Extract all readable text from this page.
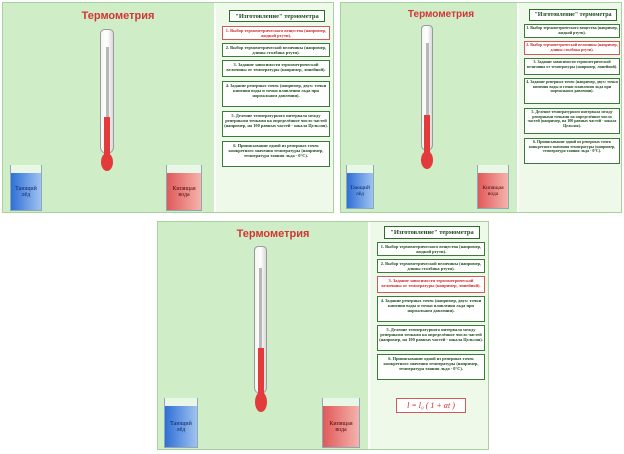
Термометрия
Тающий лёд
Кипящая вода
"Изготовление" термометра
1. Выбор термометрического вещества (например, жидкой ртути).
2. Выбор термометрической величины (например, длины столбика ртути).
3. Задание зависимости термометрической величины от температуры (например, линейной).
4. Задание реперных точек (например, двух: точки кипения воды и точки плавления льда при нормальном давлении).
5. Деление температурного интервала между реперными точками на определённое число частей (например, на 100 равных частей - шкала Цельсия).
6. Приписывание одной из реперных точек конкретного значения температуры (например, температура таяния льда - 0°С).
Термометрия
Тающий лёд
Кипящая вода
"Изготовление" термометра
1. Выбор термометрического вещества (например, жидкой ртути).
2. Выбор термометрической величины (например, длины столбика ртути).
3. Задание зависимости термометрической величины от температуры (например, линейной).
4. Задание реперных точек (например, двух: точки кипения воды и точки плавления льда при нормальном давлении).
5. Деление температурного интервала между реперными точками на определённое число частей (например, на 100 равных частей - шкала Цельсия).
6. Приписывание одной из реперных точек конкретного значения температуры (например, температура таяния льда - 0°С).
Термометрия
Тающий лёд
Кипящая вода
"Изготовление" термометра
1. Выбор термометрического вещества (например, жидкой ртути).
2. Выбор термометрической величины (например, длины столбика ртути).
3. Задание зависимости термометрической величины от температуры (например, линейной).
4. Задание реперных точек (например, двух: точки кипения воды и точки плавления льда при нормальном давлении).
5. Деление температурного интервала между реперными точками на определённое число частей (например, на 100 равных частей - шкала Цельсия).
6. Приписывание одной из реперных точек конкретного значения температуры (например, температура таяния льда - 0°С).
l = l₀ ( 1 + αt )
